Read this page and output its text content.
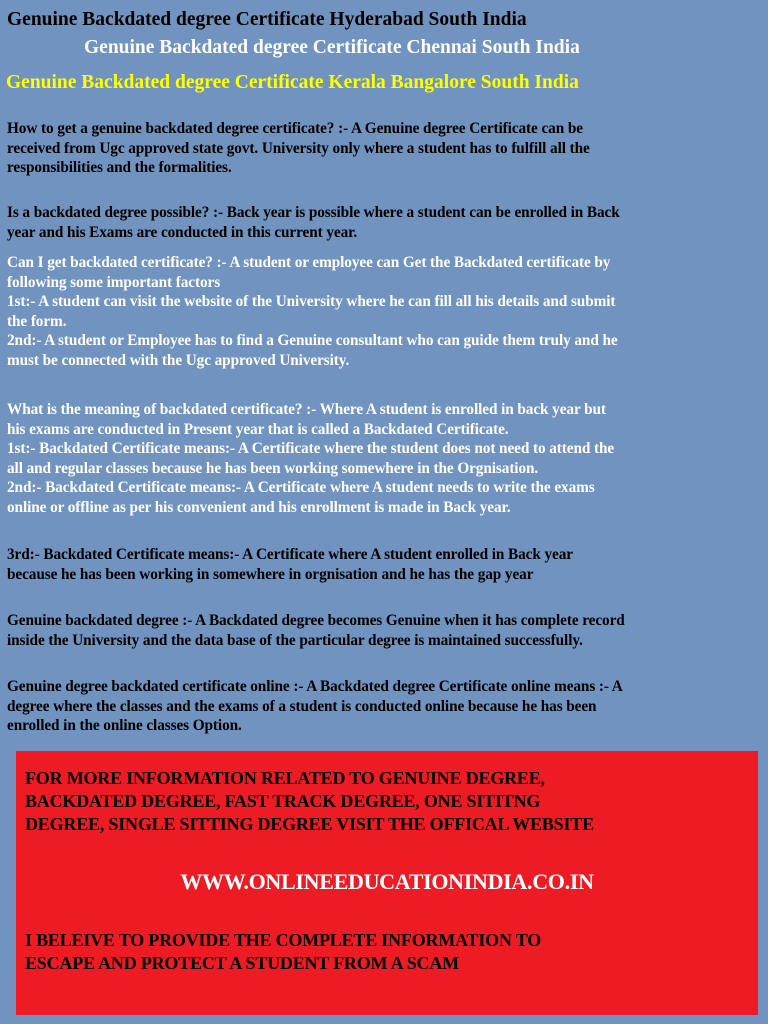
Genuine Backdated degree Certificate Hyderabad South India
Genuine Backdated degree Certificate Chennai South India
Genuine Backdated degree Certificate Kerala Bangalore South India
How to get a genuine backdated degree certificate? :- A Genuine degree Certificate can be
received from Ugc approved state govt. University only where a student has to fulfill all the
responsibilities and the formalities.
Is a backdated degree possible? :- Back year is possible where a student can be enrolled in Back
year and his Exams are conducted in this current year.
Can I get backdated certificate? :- A student or employee can Get the Backdated certificate by
following some important factors
1st:- A student can visit the website of the University where he can fill all his details and submit
the form.
2nd:- A student or Employee has to find a Genuine consultant who can guide them truly and he
must be connected with the Ugc approved University.
What is the meaning of backdated certificate? :- Where A student is enrolled in back year but
his exams are conducted in Present year that is called a Backdated Certificate.
1st:- Backdated Certificate means:- A Certificate where the student does not need to attend the
all and regular classes because he has been working somewhere in the Orgnisation.
2nd:- Backdated Certificate means:- A Certificate where A student needs to write the exams
online or offline as per his convenient and his enrollment is made in Back year.
3rd:- Backdated Certificate means:- A Certificate where A student enrolled in Back year
because he has been working in somewhere in orgnisation and he has the gap year
Genuine backdated degree :- A Backdated degree becomes Genuine when it has complete record
inside the University and the data base of the particular degree is maintained successfully.
Genuine degree backdated certificate online :- A Backdated degree Certificate online means :- A
degree where the classes and the exams of a student is conducted online because he has been
enrolled in the online classes Option.
FOR MORE INFORMATION RELATED TO GENUINE DEGREE,
BACKDATED DEGREE, FAST TRACK DEGREE, ONE SITITNG
DEGREE, SINGLE SITTING DEGREE VISIT THE OFFICAL WEBSITE
WWW.ONLINEEDUCATIONINDIA.CO.IN
I BELEIVE TO PROVIDE THE COMPLETE INFORMATION TO
ESCAPE AND PROTECT A STUDENT FROM A SCAM
